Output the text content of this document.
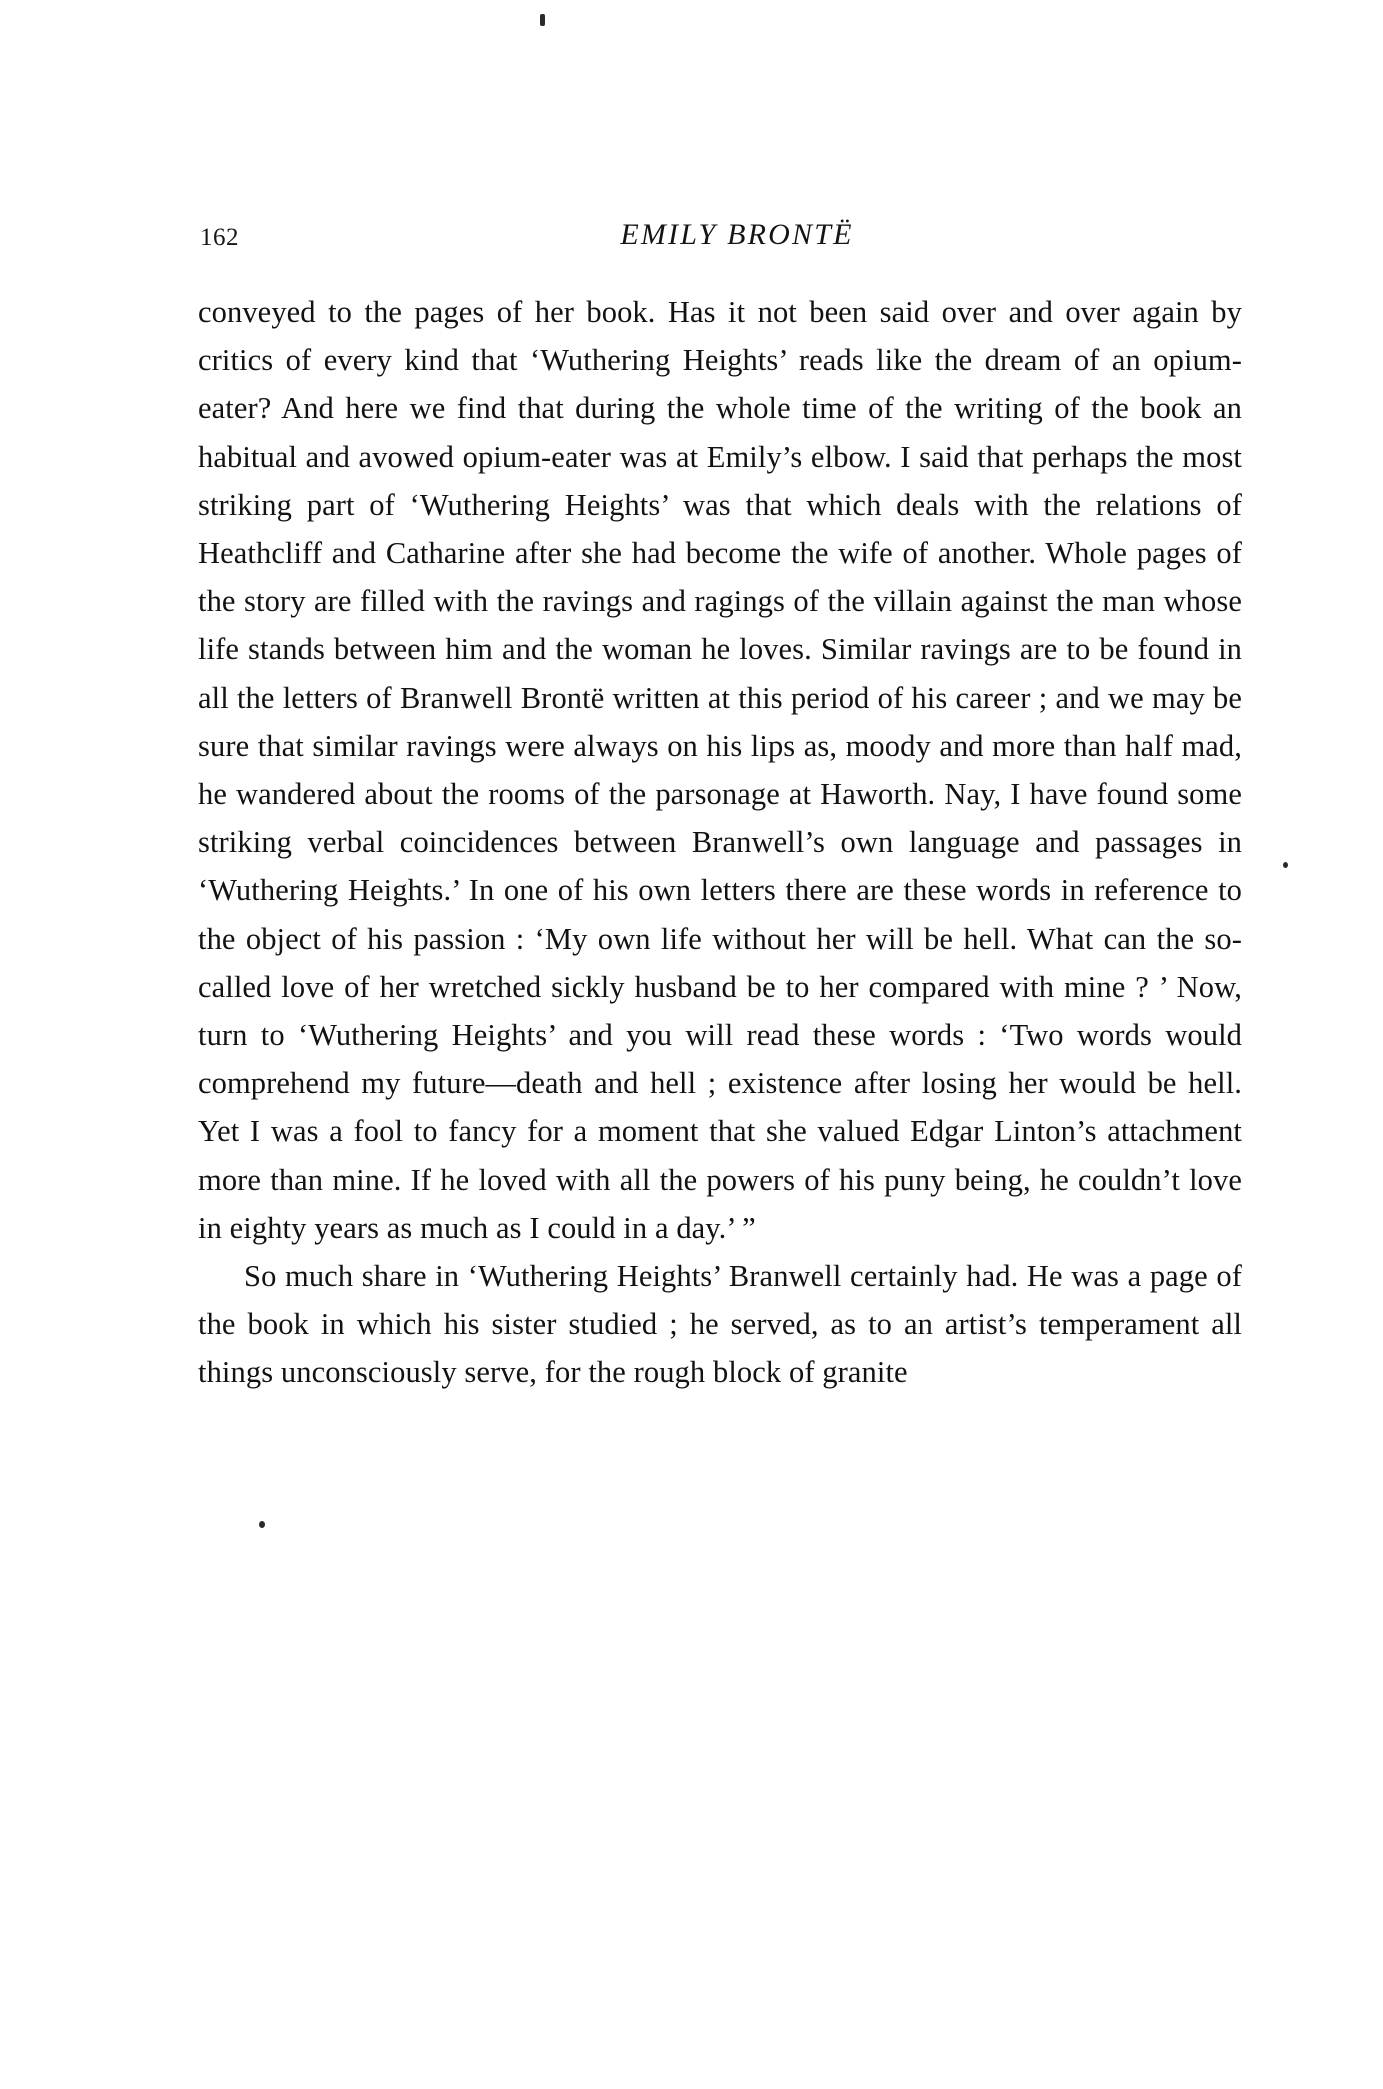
162	EMILY BRONTË

conveyed to the pages of her book. Has it not been said over and over again by critics of every kind that ‘Wuthering Heights’ reads like the dream of an opium-eater? And here we find that during the whole time of the writing of the book an habitual and avowed opium-eater was at Emily’s elbow. I said that perhaps the most striking part of ‘Wuthering Heights’ was that which deals with the relations of Heathcliff and Catharine after she had become the wife of another. Whole pages of the story are filled with the ravings and ragings of the villain against the man whose life stands between him and the woman he loves. Similar ravings are to be found in all the letters of Branwell Brontë written at this period of his career ; and we may be sure that similar ravings were always on his lips as, moody and more than half mad, he wandered about the rooms of the parsonage at Haworth. Nay, I have found some striking verbal coincidences between Branwell’s own language and passages in ‘Wuthering Heights.’ In one of his own letters there are these words in reference to the object of his passion : ‘My own life without her will be hell. What can the so-called love of her wretched sickly husband be to her compared with mine ? ’ Now, turn to ‘Wuthering Heights’ and you will read these words : ‘Two words would comprehend my future—death and hell ; existence after losing her would be hell. Yet I was a fool to fancy for a moment that she valued Edgar Linton’s attachment more than mine. If he loved with all the powers of his puny being, he couldn’t love in eighty years as much as I could in a day.’ ”

So much share in ‘Wuthering Heights’ Branwell certainly had. He was a page of the book in which his sister studied ; he served, as to an artist’s temperament all things unconsciously serve, for the rough block of granite
